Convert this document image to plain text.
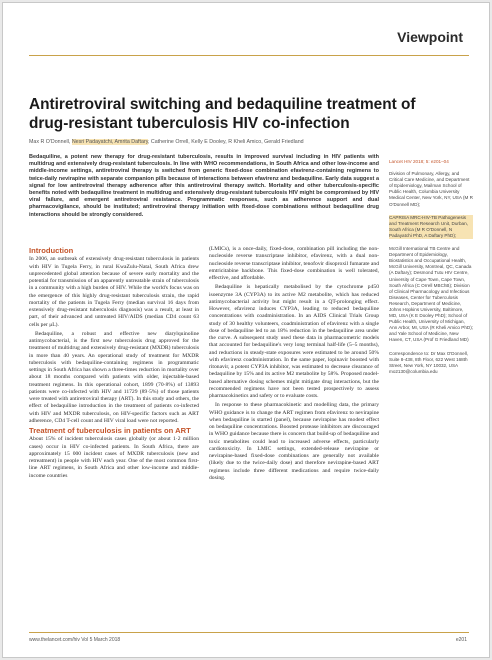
Viewpoint
Antiretroviral switching and bedaquiline treatment of drug-resistant tuberculosis HIV co-infection
Max R O'Donnell, Nesri Padayatchi, Amrita Daftary, Catherine Orrell, Kelly E Dooley, R Kheli Amico, Gerald Friedland

Bedaquiline, a potent new therapy for drug-resistant tuberculosis, results in improved survival including in HIV patients with multidrug and extensively drug-resistant tuberculosis. In line with WHO recommendations, in South Africa and other low-income and middle-income settings, antiretroviral therapy is switched from generic fixed-dose combination efavirenz-containing regimens to twice-daily nevirapine with separate companion pills because of interactions between efavirenz and bedaquiline. Early data suggest a signal for low antiretroviral therapy adherence after this antiretroviral therapy switch. Mortality and other tuberculosis-specific benefits noted with bedaquiline treatment in multidrug and extensively drug-resistant tuberculosis HIV might be compromised by HIV viral failure, and emergent antiretroviral resistance. Programmatic responses, such as adherence support and dual pharmacovigilance, should be instituted; antiretroviral therapy initiation with fixed-dose combinations without bedaquiline drug interactions should be strongly considered.

Introduction

In 2006, an outbreak of extensively drug-resistant tuberculosis in patients with HIV in Tugela Ferry, in rural KwaZulu-Natal, South Africa drew unprecedented global attention because of severe early mortality and the potential for transmission of an apparently untreatable strain of tuberculosis in a community with a high burden of HIV. While the world's focus was on the emergence of this highly drug-resistant tuberculosis strain, the rapid mortality of the patients in Tugela Ferry (median survival 16 days from extensively drug-resistant tuberculosis diagnosis) was a result, at least in part, of their advanced and untreated HIV/AIDS (median CD4 count 63 cells per μL).

Bedaquiline, a robust and effective new diarylquinoline antimycobacterial, is the first new tuberculosis drug approved for the treatment of multidrug and extensively drug-resistant (MXDR) tuberculosis in more than 40 years. An operational study of treatment for MXDR tuberculosis with bedaquiline-containing regimens in programmatic settings in South Africa has shown a three-times reduction in mortality over about 18 months compared with patients with older, injectable-based treatment regimens. In this operational cohort, 1899 (70·8%) of 13893 patients were co-infected with HIV and 11729 (89·5%) of those patients were treated with antiretroviral therapy (ART). In this study and others, the effect of bedaquiline introduction in the treatment of patients co-infected with HIV and MXDR tuberculosis, on HIV-specific factors such as ART adherence, CD4 T-cell count and HIV viral load were not reported.

Treatment of tuberculosis in patients on ART

About 15% of incident tuberculosis cases globally (or about 1·2 million cases) occur in HIV co-infected patients. In South Africa, there are approximately 15 000 incident cases of MXDR tuberculosis (new and retreatment) in people with HIV each year. One of the most common first-line ART regimens, in South Africa and other low-income and middle-income countries

(LMICs), is a once-daily, fixed-dose, combination pill including the non-nucleoside reverse transcriptase inhibitor, efavirenz, with a dual non-nucleoside reverse transcriptase inhibitor, tenofovir disoproxil fumarate and emtricitabine backbone. This fixed-dose combination is well tolerated, effective, and affordable.

Bedaquiline is hepatically metabolised by the cytochrome p450 isoenzyme 3A (CYP3A) to its active M2 metabolite, which has reduced antimycobacterial activity but might result in a QT-prolonging effect. However, efavirenz induces CYP3A, leading to reduced bedaquiline concentrations with coadministration. In an AIDS Clinical Trials Group study of 30 healthy volunteers, coadministration of efavirenz with a single dose of bedaquiline led to an 18% reduction in the bedaquiline area under the curve. A subsequent study used these data in pharmacometric models that accounted for bedaquiline's very long terminal half-life (5–5 months), and reductions in steady-state exposures were estimated to be around 50% with efavirenz coadministration. In the same paper, lopinavir boosted with ritonavir, a potent CYP3A inhibitor, was estimated to decrease clearance of bedaquiline by 15% and its active M2 metabolite by 58%. Proposed model-based alternative dosing schemes might mitigate drug interactions, but the recommended regimens have not been tested prospectively to assess pharmacokinetics and safety or to evaluate costs.

In response to these pharmacokinetic and modelling data, the primary WHO guidance is to change the ART regimen from efavirenz to nevirapine when bedaquiline is started (panel), because nevirapine has modest effect on bedaquiline concentrations. Boosted protease inhibitors are discouraged in WHO guidance because there is concern that build-up of bedaquiline and toxic metabolites could lead to increased adverse effects, particularly cardiotoxicity. In LMIC settings, extended-release nevirapine or nevirapine-based fixed-dose combinations are generally not available (likely due to the twice-daily dose) and therefore nevirapine-based ART regimens include three different medications and require twice-daily dosing.

Lancet HIV 2018; 5: e201–04
Division of Pulmonary, Allergy, and Critical Care Medicine, and Department of Epidemiology, Mailman School of Public Health, Columbia University Medical Center, New York, NY, USA (M R O'Donnell MD);
CAPRISA MRC-HIV-TB Pathogenesis and Treatment Research Unit, Durban, South Africa (M R O'Donnell, N Padayatchi PhD, A Daftary PhD);
McGill International TB Centre and Department of Epidemiology, Biostatistics and Occupational Health, McGill University, Montreal, QC, Canada (A Daftary); Desmond Tutu HIV Centre, University of Cape Town, Cape Town, South Africa (C Orrell MBChB); Division of Clinical Pharmacology and Infectious Diseases, Center for Tuberculosis Research, Department of Medicine, Johns Hopkins University, Baltimore, MD, USA (K E Dooley PhD); School of Public Health, University of Michigan, Ann Arbor, MI, USA (R Kheli Amico PhD); and Yale School of Medicine, New Haven, CT, USA (Prof G Friedland MD)
Correspondence to: Dr Max O'Donnell, Suite 8-438, 8th Floor, 622 West 168th Street, New York, NY 10032, USA mo2130@columbia.edu
www.thelancet.com/hiv Vol 5 March 2018	e201
